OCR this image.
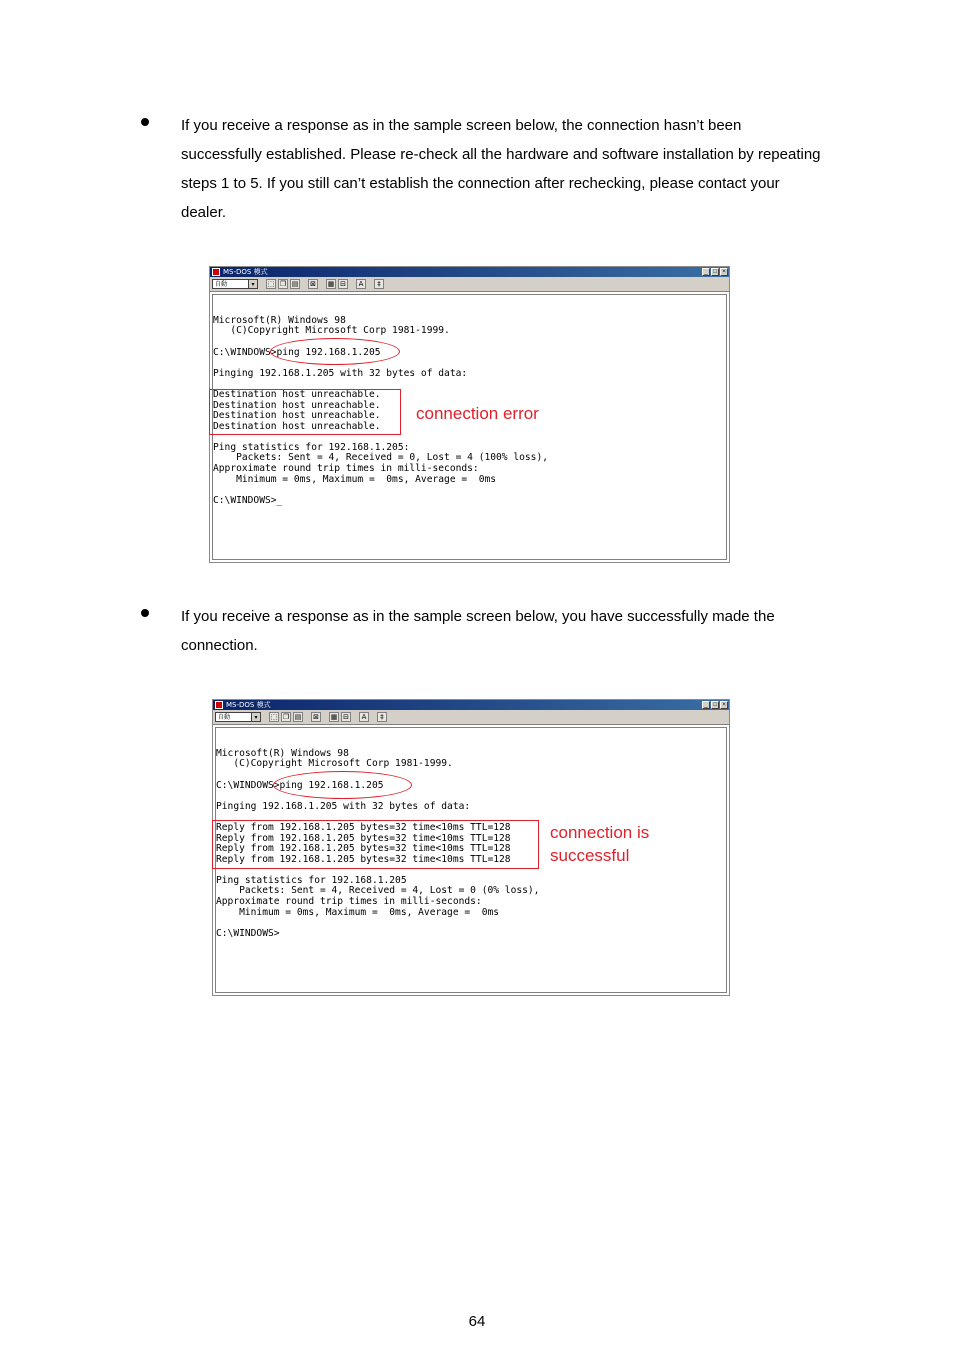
If you receive a response as in the sample screen below, the connection hasn’t been successfully established. Please re-check all the hardware and software installation by repeating steps 1 to 5. If you still can’t establish the connection after rechecking, please contact your dealer.
MS-DOS 模式	_ □ ×
自動	▾	⬚ ❐ ▤ ⊠ ▦ ⊟	A	‡
Microsoft(R) Windows 98
(C)Copyright Microsoft Corp 1981-1999.
C:\WINDOWS>ping 192.168.1.205
Pinging 192.168.1.205 with 32 bytes of data:
Destination host unreachable.
Destination host unreachable.
Destination host unreachable.
Destination host unreachable.
Ping statistics for 192.168.1.205:
Packets: Sent = 4, Received = 0, Lost = 4 (100% loss),
Approximate round trip times in milli-seconds:
Minimum = 0ms, Maximum =  0ms, Average =  0ms
C:\WINDOWS>_
connection error
If you receive a response as in the sample screen below, you have successfully made the connection.
MS-DOS 模式	_ □ ×
自動	▾	⬚ ❐ ▤ ⊠ ▦ ⊟	A	‡
Microsoft(R) Windows 98
(C)Copyright Microsoft Corp 1981-1999.
C:\WINDOWS>ping 192.168.1.205
Pinging 192.168.1.205 with 32 bytes of data:
Reply from 192.168.1.205 bytes=32 time<10ms TTL=128
Reply from 192.168.1.205 bytes=32 time<10ms TTL=128
Reply from 192.168.1.205 bytes=32 time<10ms TTL=128
Reply from 192.168.1.205 bytes=32 time<10ms TTL=128
Ping statistics for 192.168.1.205
Packets: Sent = 4, Received = 4, Lost = 0 (0% loss),
Approximate round trip times in milli-seconds:
Minimum = 0ms, Maximum =  0ms, Average =  0ms
C:\WINDOWS>
connection is
successful
64
